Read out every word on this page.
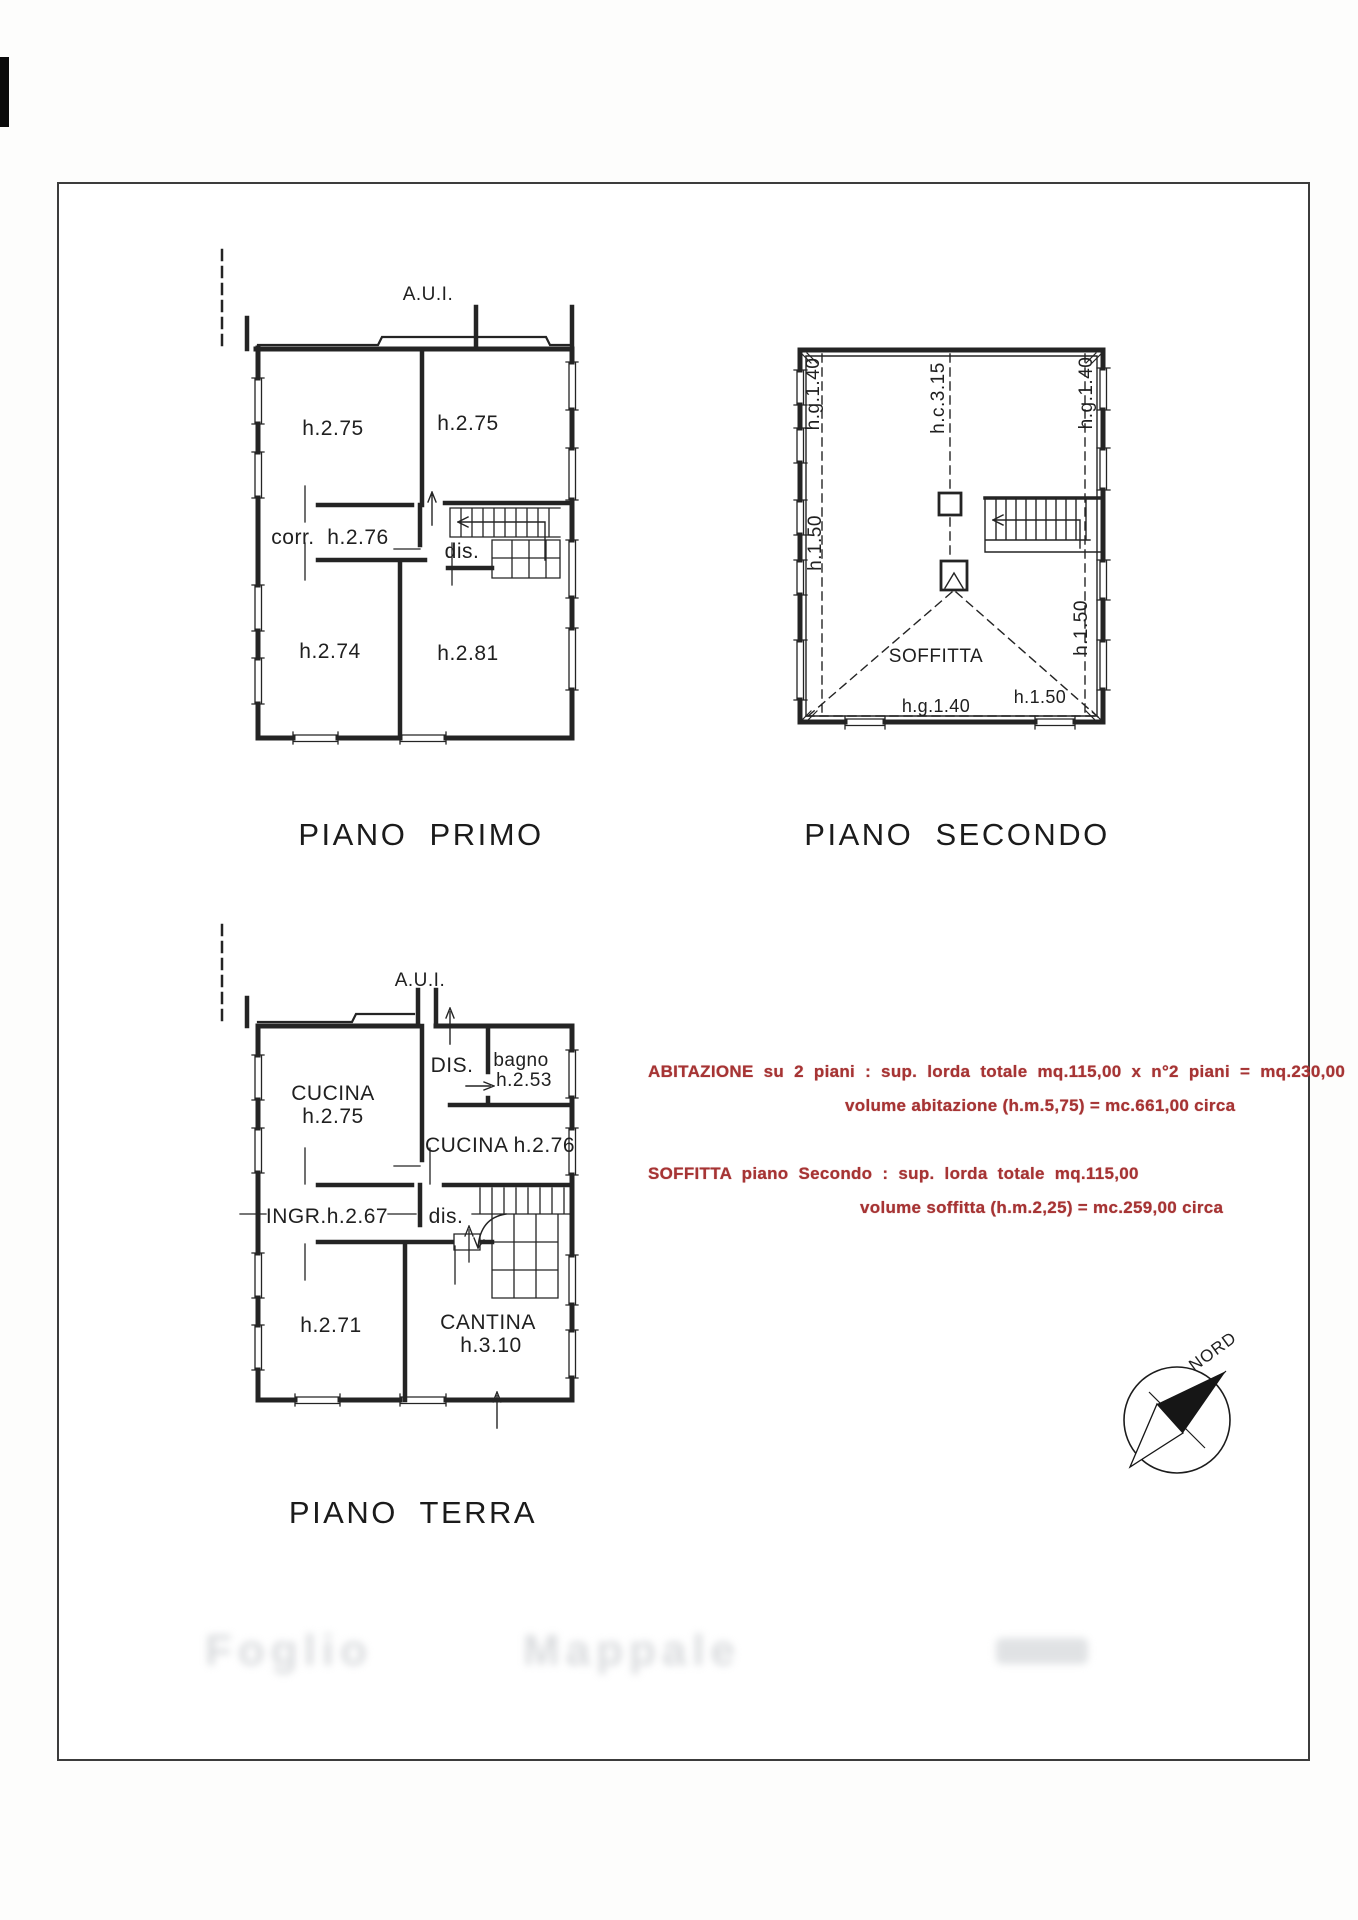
A.U.I.
h.2.75	h.2.75
corr.  h.2.76
dis.
h.2.74	h.2.81
PIANO  PRIMO
h.g.1.40
h.1.50
h.c.3.15	h.g.1.40
h.1.50
SOFFITTA
h.g.1.40 h.1.50
PIANO  SECONDO
A.U.I.
CUCINA
h.2.75
DIS. bagno
h.2.53
CUCINA h.2.76
INGR.h.2.67 dis.
h.2.71	CANTINA
h.3.10
PIANO  TERRA
NORD
ABITAZIONE su 2 piani : sup. lorda totale mq.115,00 x n°2 piani = mq.230,00
volume abitazione (h.m.5,75) = mc.661,00 circa
SOFFITTA piano Secondo : sup. lorda totale mq.115,00
volume soffitta (h.m.2,25) = mc.259,00 circa
Foglio	Mappale
